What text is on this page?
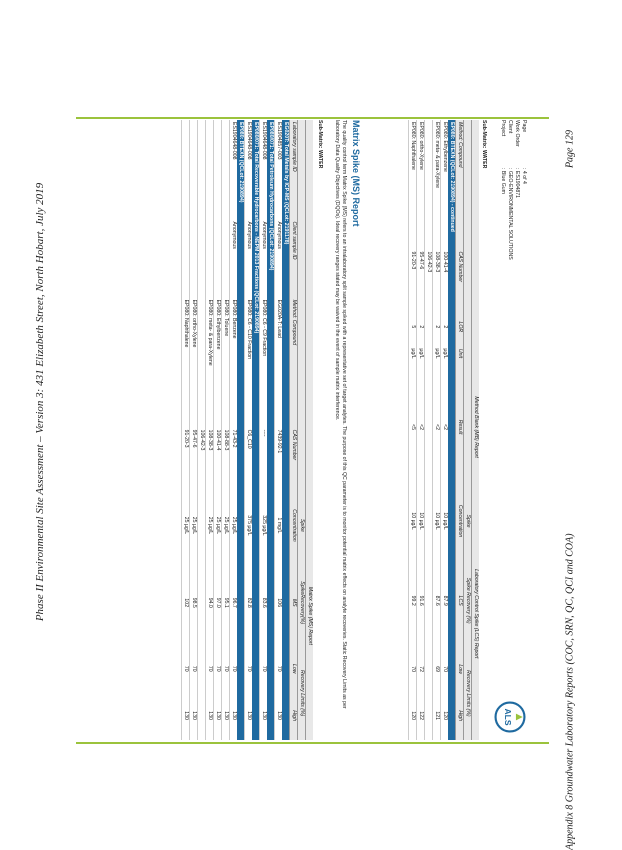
Phase II Environmental Site Assessment – Version 3: 431 Elizabeth Street, North Hobart, July 2019
Appendix 8 Groundwater Laboratory Reports (COC, SRN, QC, QCI and COA)
Page 129
Page
: 4 of 4
Work Order
: ES1904871
Client
: GEO-ENVIRONMENTAL SOLUTIONS
Project
: Blue Gum
ALS
Sub-Matrix: WATER
				Method Blank (MB) Report	Laboratory Control Spike (LCS) Report			
					Spike	Spike Recovery (%)	Recovery Limits (%)	
Method: Compound	CAS Number	LOR	Unit	Result	Concentration	LCS	Low	High
EP080: BTEXN (QCLot: 2190894) - continued								
EP080: Ethylbenzene	100-41-4	2	µg/L	<2	10 µg/L	87.9	70	120
EP080: meta- & para-Xylene	108-38-3	2	µg/L	<2	10 µg/L	87.6	69	121
	106-42-3							
EP080: ortho-Xylene	95-47-6	2	µg/L	<2	10 µg/L	91.6	72	122
EP080: Naphthalene	91-20-3	5	µg/L	<5	10 µg/L	99.2	70	120
Matrix Spike (MS) Report
The quality control term Matrix Spike (MS) refers to an intralaboratory split sample spiked with a representative set of target analytes. The purpose of this QC parameter is to monitor potential matrix effects on analyte recoveries. Static Recovery Limits as per laboratory Data Quality Objectives (DQOs). Ideal recovery ranges stated may be waived in the event of sample matrix interference.
Sub-Matrix: WATER
				Matrix Spike (MS) Report			
				Spike	SpikeRecovery(%)	Recovery Limits (%)	
Laboratory sample ID	Client sample ID	Method: Compound	CAS Number	Concentration	MS	Low	High
EG020T: Total Metals by ICP-MS (QCLot: 2191178)							
ES1904857-003	Anonymous	EG020A-T: Lead	7439-92-1	1 mg/L	106	70	130
EP080/071: Total Petroleum Hydrocarbons (QCLot: 2190894)							
ES1904648-008	Anonymous	EP080: C6 - C9 Fraction	----	325 µg/L	83.6	70	130
EP080/071: Total Recoverable Hydrocarbons - NEPM 2013 Fractions (QCLot: 2190894)							
ES1904648-008	Anonymous	EP080: C6 - C10 Fraction	C6_C10	375 µg/L	82.8	70	130
EP080: BTEXN (QCLot: 2190894)							
ES1904648-008	Anonymous	EP080: Benzene	71-43-2	25 µg/L	96.7	70	130
		EP080: Toluene	108-88-3	25 µg/L	95.1	70	130
		EP080: Ethylbenzene	100-41-4	25 µg/L	97.0	70	130
		EP080: meta- & para-Xylene	108-38-3	25 µg/L	94.0	70	130
			106-42-3				
		EP080: ortho-Xylene	95-47-6	25 µg/L	98.5	70	130
		EP080: Naphthalene	91-20-3	25 µg/L	102	70	130
